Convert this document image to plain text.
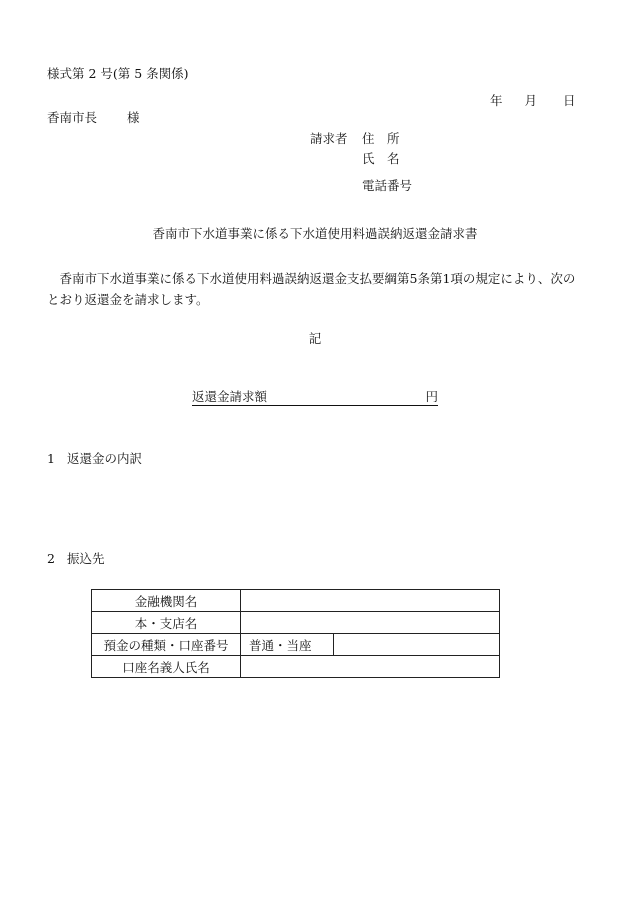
様式第 2 号(第 5 条関係)
年 月 日
香南市長 様
請求者 住　所
氏　名
電話番号
香南市下水道事業に係る下水道使用料過誤納返還金請求書
香南市下水道事業に係る下水道使用料過誤納返還金支払要綱第5条第1項の規定により、次のとおり返還金を請求します。
記
返還金請求額	円
1 返還金の内訳
2 振込先
金融機関名		
本・支店名		
預金の種類・口座番号	普通・当座	
口座名義人氏名		
